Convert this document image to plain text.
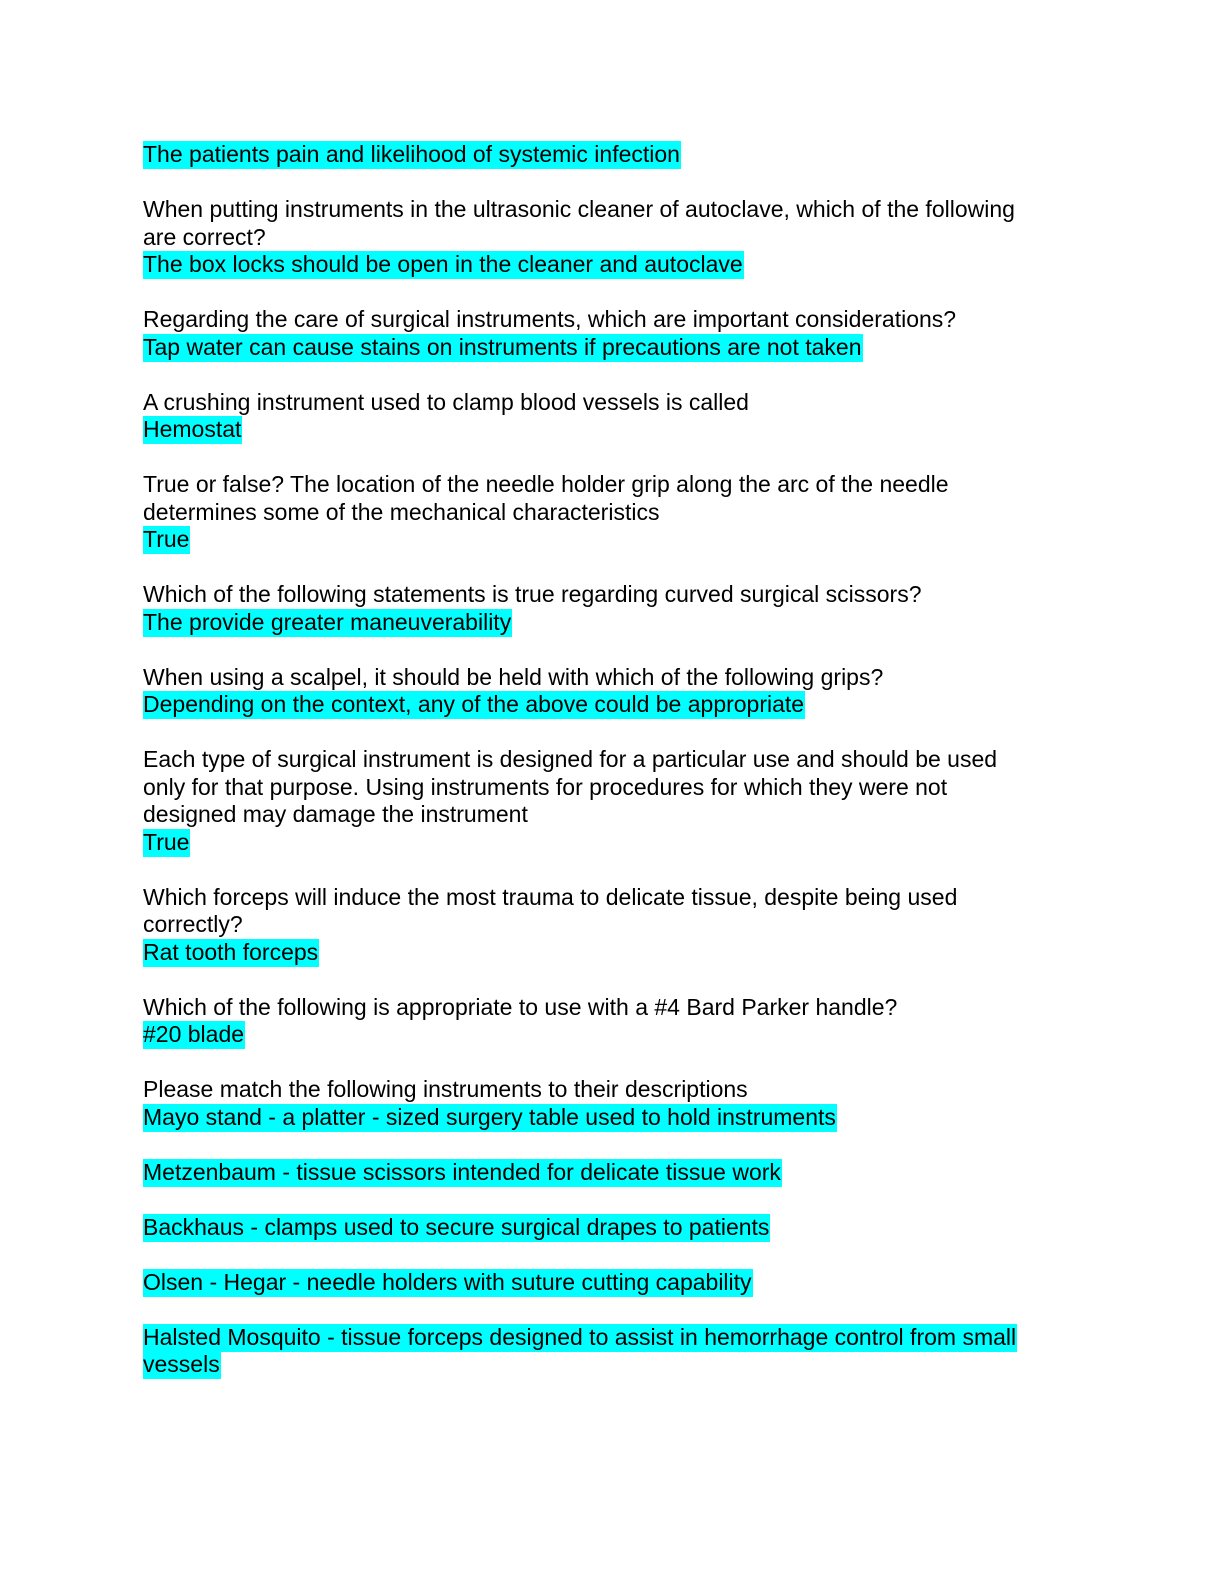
The patients pain and likelihood of systemic infection
When putting instruments in the ultrasonic cleaner of autoclave, which of the following
are correct?
The box locks should be open in the cleaner and autoclave
Regarding the care of surgical instruments, which are important considerations?
Tap water can cause stains on instruments if precautions are not taken
A crushing instrument used to clamp blood vessels is called
Hemostat
True or false? The location of the needle holder grip along the arc of the needle
determines some of the mechanical characteristics
True
Which of the following statements is true regarding curved surgical scissors?
The provide greater maneuverability
When using a scalpel, it should be held with which of the following grips?
Depending on the context, any of the above could be appropriate
Each type of surgical instrument is designed for a particular use and should be used
only for that purpose. Using instruments for procedures for which they were not
designed may damage the instrument
True
Which forceps will induce the most trauma to delicate tissue, despite being used
correctly?
Rat tooth forceps
Which of the following is appropriate to use with a #4 Bard Parker handle?
#20 blade
Please match the following instruments to their descriptions
Mayo stand - a platter - sized surgery table used to hold instruments
Metzenbaum - tissue scissors intended for delicate tissue work
Backhaus - clamps used to secure surgical drapes to patients
Olsen - Hegar - needle holders with suture cutting capability
Halsted Mosquito - tissue forceps designed to assist in hemorrhage control from small
vessels
